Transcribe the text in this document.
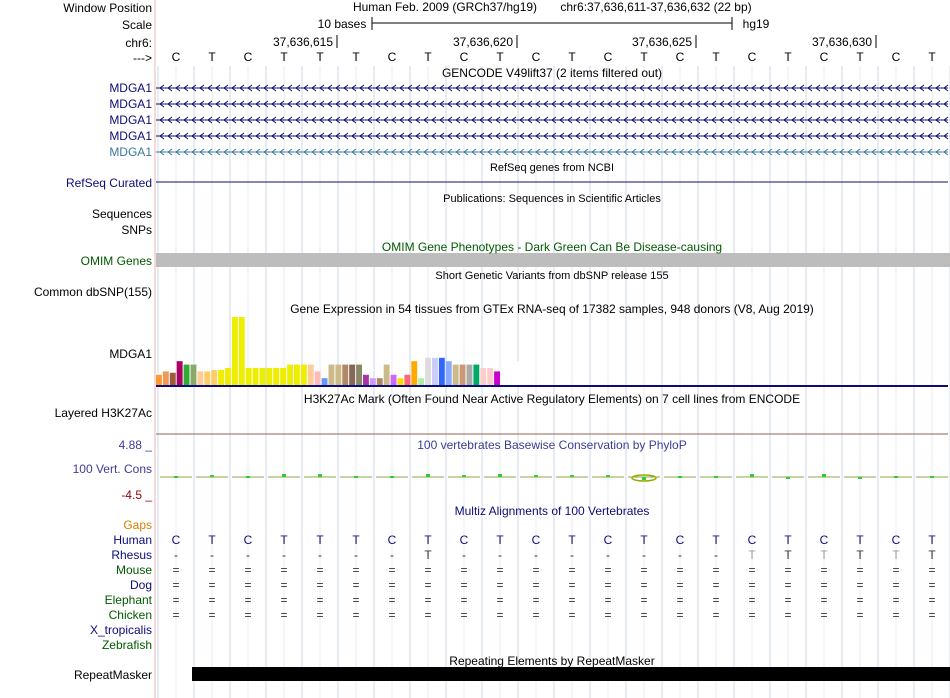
Window Position	Human Feb. 2009 (GRCh37/hg19) chr6:37,636,611-37,636,632 (22 bp)
Scale	10 bases	hg19
chr6:
--->
37,636,615	37,636,620	37,636,625	37,636,630
C	T	C	T	T	T	C	T	C	T	C	T	C	T	C	T	C	T	C	T	C	T
GENCODE V49lift37 (2 items filtered out)
MDGA1
MDGA1
MDGA1
MDGA1
MDGA1
RefSeq genes from NCBI
RefSeq Curated
Publications: Sequences in Scientific Articles
Sequences
SNPs
OMIM Gene Phenotypes - Dark Green Can Be Disease-causing
OMIM Genes
Short Genetic Variants from dbSNP release 155
Common dbSNP(155)
Gene Expression in 54 tissues from GTEx RNA-seq of 17382 samples, 948 donors (V8, Aug 2019)
MDGA1
H3K27Ac Mark (Often Found Near Active Regulatory Elements) on 7 cell lines from ENCODE
Layered H3K27Ac
100 vertebrates Basewise Conservation by PhyloP
4.88 _
100 Vert. Cons
-4.5 _
Multiz Alignments of 100 Vertebrates
Gaps
Human	C	T	C	T	T	T	C	T	C	T	C	T	C	T	C	T	C	T	C	T	C	T
Rhesus	-	-	-	-	-	-	-	T	-	-	-	-	-	-	-	-	T	T	T	T	T	T
Mouse	=	=	=	=	=	=	=	=	=	=	=	=	=	=	=	=	=	=	=	=	=	=
Dog	=	=	=	=	=	=	=	=	=	=	=	=	=	=	=	=	=	=	=	=	=	=
Elephant	=	=	=	=	=	=	=	=	=	=	=	=	=	=	=	=	=	=	=	=	=	=
Chicken	=	=	=	=	=	=	=	=	=	=	=	=	=	=	=	=	=	=	=	=	=	=
X_tropicalis
Zebrafish
Repeating Elements by RepeatMasker
RepeatMasker
